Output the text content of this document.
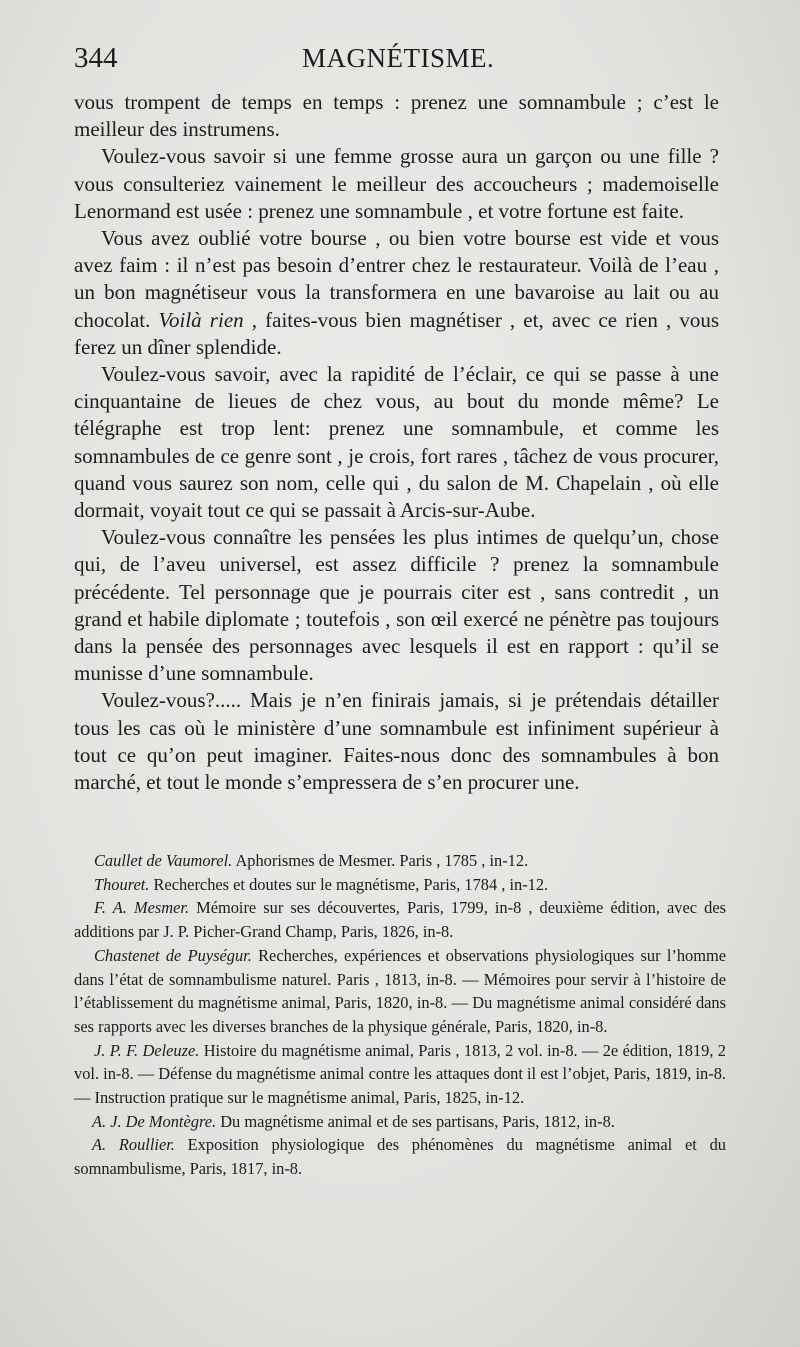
344	MAGNÉTISME.

vous trompent de temps en temps : prenez une somnambule ; c’est le meilleur des instrumens.

Voulez-vous savoir si une femme grosse aura un garçon ou une fille ? vous consulteriez vainement le meilleur des accoucheurs ; mademoiselle Lenormand est usée : prenez une somnambule , et votre fortune est faite.

Vous avez oublié votre bourse , ou bien votre bourse est vide et vous avez faim : il n’est pas besoin d’entrer chez le restaurateur. Voilà de l’eau , un bon magnétiseur vous la transformera en une bavaroise au lait ou au chocolat. Voilà rien , faites-vous bien magnétiser , et, avec ce rien , vous ferez un dîner splendide.

Voulez-vous savoir, avec la rapidité de l’éclair, ce qui se passe à une cinquantaine de lieues de chez vous, au bout du monde même? Le télégraphe est trop lent: prenez une somnambule, et comme les somnambules de ce genre sont , je crois, fort rares , tâchez de vous procurer, quand vous saurez son nom, celle qui , du salon de M. Chapelain , où elle dormait, voyait tout ce qui se passait à Arcis-sur-Aube.

Voulez-vous connaître les pensées les plus intimes de quelqu’un, chose qui, de l’aveu universel, est assez difficile ? prenez la somnambule précédente. Tel personnage que je pourrais citer est , sans contredit , un grand et habile diplomate ; toutefois , son œil exercé ne pénètre pas toujours dans la pensée des personnages avec lesquels il est en rapport : qu’il se munisse d’une somnambule.

Voulez-vous?..... Mais je n’en finirais jamais, si je prétendais détailler tous les cas où le ministère d’une somnambule est infiniment supérieur à tout ce qu’on peut imaginer. Faites-nous donc des somnambules à bon marché, et tout le monde s’empressera de s’en procurer une.

Caullet de Vaumorel. Aphorismes de Mesmer. Paris , 1785 , in-12.

Thouret. Recherches et doutes sur le magnétisme, Paris, 1784 , in-12.

F. A. Mesmer. Mémoire sur ses découvertes, Paris, 1799, in-8 , deuxième édition, avec des additions par J. P. Picher-Grand Champ, Paris, 1826, in-8.

Chastenet de Puységur. Recherches, expériences et observations physiologiques sur l’homme dans l’état de somnambulisme naturel. Paris , 1813, in-8. — Mémoires pour servir à l’histoire de l’établissement du magnétisme animal, Paris, 1820, in-8. — Du magnétisme animal considéré dans ses rapports avec les diverses branches de la physique générale, Paris, 1820, in-8.

J. P. F. Deleuze. Histoire du magnétisme animal, Paris , 1813, 2 vol. in-8. — 2e édition, 1819, 2 vol. in-8. — Défense du magnétisme animal contre les attaques dont il est l’objet, Paris, 1819, in-8. — Instruction pratique sur le magnétisme animal, Paris, 1825, in-12.

A. J. De Montègre. Du magnétisme animal et de ses partisans, Paris, 1812, in-8.

A. Roullier. Exposition physiologique des phénomènes du magnétisme animal et du somnambulisme, Paris, 1817, in-8.
